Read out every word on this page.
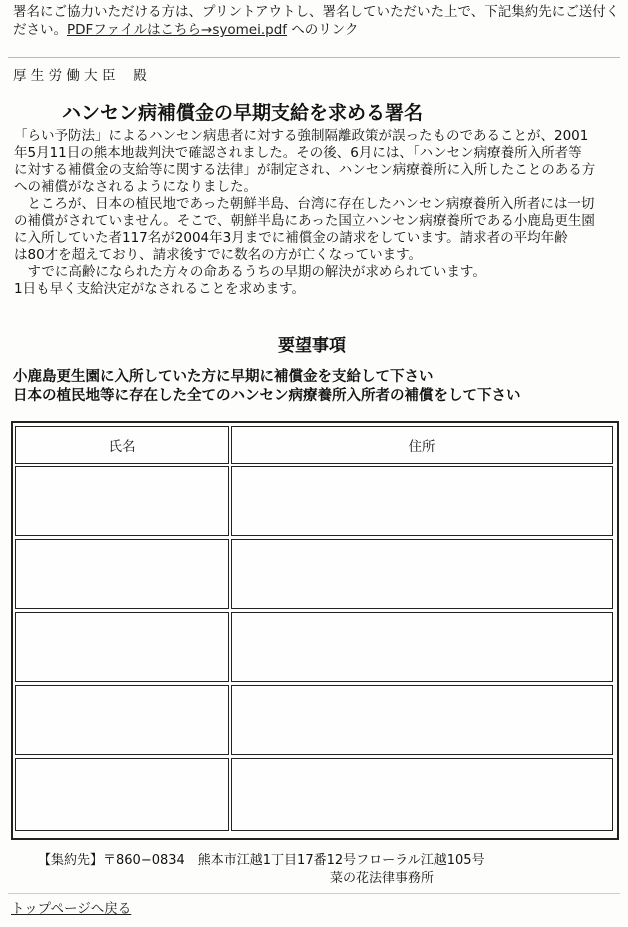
署名にご協力いただける方は、プリントアウトし、署名していただいた上で、下記集約先にご送付く
ださい。PDFファイルはこちら→syomei.pdf へのリンク
厚 生 労 働 大 臣　 殿
ハンセン病補償金の早期支給を求める署名
「らい予防法」によるハンセン病患者に対する強制隔離政策が誤ったものであることが、2001
年5月11日の熊本地裁判決で確認されました。その後、6月には、「ハンセン病療養所入所者等
に対する補償金の支給等に関する法律」が制定され、ハンセン病療養所に入所したことのある方
への補償がなされるようになりました。
　ところが、日本の植民地であった朝鮮半島、台湾に存在したハンセン病療養所入所者には一切
の補償がされていません。そこで、朝鮮半島にあった国立ハンセン病療養所である小鹿島更生園
に入所していた者117名が2004年3月までに補償金の請求をしています。請求者の平均年齢
は80才を超えており、請求後すでに数名の方が亡くなっています。
　すでに高齢になられた方々の命あるうちの早期の解決が求められています。
1日も早く支給決定がなされることを求めます。
要望事項
小鹿島更生園に入所していた方に早期に補償金を支給して下さい
日本の植民地等に存在した全てのハンセン病療養所入所者の補償をして下さい
氏名	住所
【集約先】〒860−0834　熊本市江越1丁目17番12号フローラル江越105号
菜の花法律事務所
トップページへ戻る
